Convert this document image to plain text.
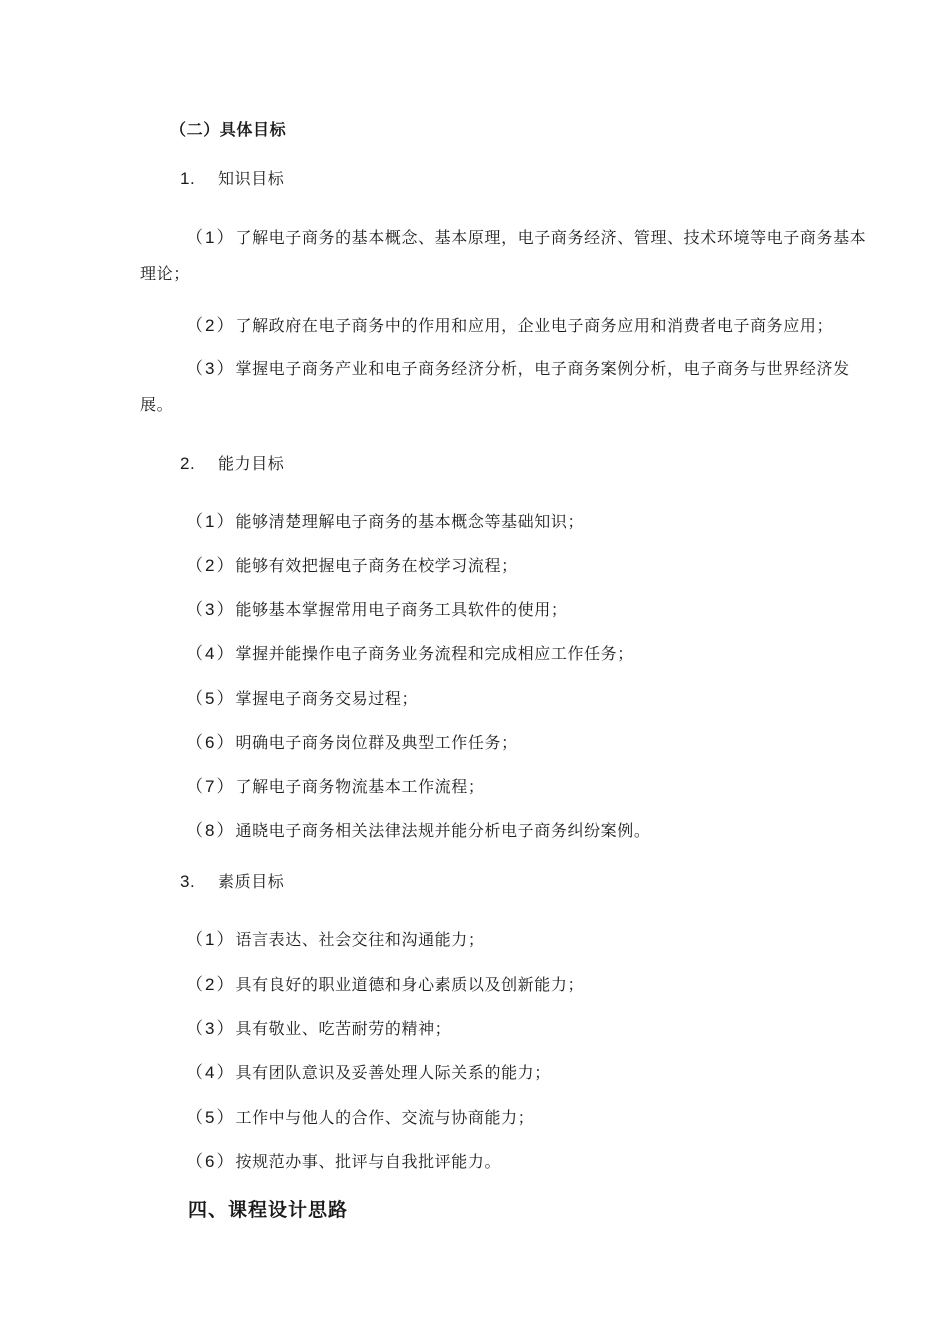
（二）具体目标
1. 知识目标

（1）了解电子商务的基本概念、基本原理，电子商务经济、管理、技术环境等电子商务基本理论；

（2）了解政府在电子商务中的作用和应用，企业电子商务应用和消费者电子商务应用；

（3）掌握电子商务产业和电子商务经济分析，电子商务案例分析，电子商务与世界经济发展。

2. 能力目标
（1）能够清楚理解电子商务的基本概念等基础知识；
（2）能够有效把握电子商务在校学习流程；
（3）能够基本掌握常用电子商务工具软件的使用；
（4）掌握并能操作电子商务业务流程和完成相应工作任务；
（5）掌握电子商务交易过程；
（6）明确电子商务岗位群及典型工作任务；
（7）了解电子商务物流基本工作流程；
（8）通晓电子商务相关法律法规并能分析电子商务纠纷案例。
3. 素质目标
（1）语言表达、社会交往和沟通能力；
（2）具有良好的职业道德和身心素质以及创新能力；
（3）具有敬业、吃苦耐劳的精神；
（4）具有团队意识及妥善处理人际关系的能力；
（5）工作中与他人的合作、交流与协商能力；
（6）按规范办事、批评与自我批评能力。
四、课程设计思路
